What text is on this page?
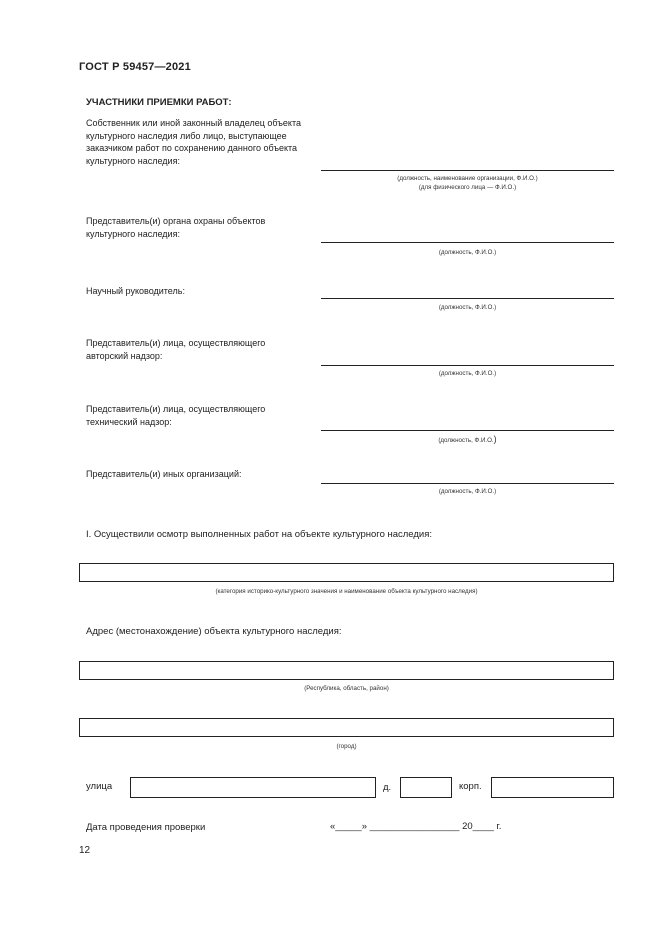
ГОСТ Р 59457—2021
УЧАСТНИКИ ПРИЕМКИ РАБОТ:
Собственник или иной законный владелец объекта культурного наследия либо лицо, выступающее заказчиком работ по сохранению данного объекта культурного наследия:
(должность, наименование организации, Ф.И.О.)
(для физического лица — Ф.И.О.)
Представитель(и) органа охраны объектов культурного наследия:
(должность, Ф.И.О.)
Научный руководитель:
(должность, Ф.И.О.)
Представитель(и) лица, осуществляющего авторский надзор:
(должность, Ф.И.О.)
Представитель(и) лица, осуществляющего технический надзор:
(должность, Ф.И.О.)
Представитель(и) иных организаций:
(должность, Ф.И.О.)
I. Осуществили осмотр выполненных работ на объекте культурного наследия:
(категория историко-культурного значения и наименование объекта культурного наследия)
Адрес (местонахождение) объекта культурного наследия:
(Республика, область, район)
(город)
улица	д.	корп.
Дата проведения проверки	«_____» _________________ 20____ г.
12
